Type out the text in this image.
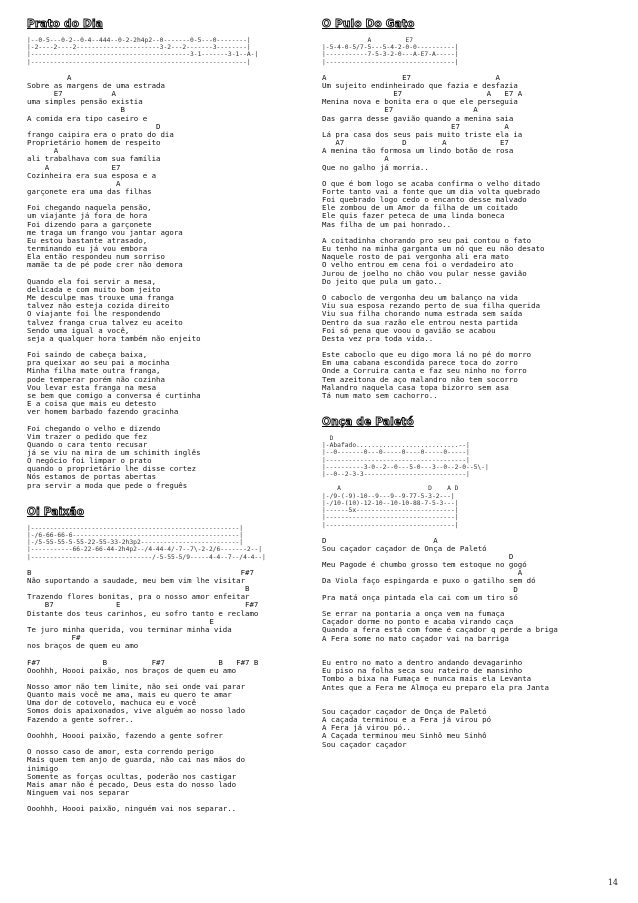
Prato do Dia
|--0-5---0-2--0-4--444--0-2-2h4p2--0-------0-5---0--------|
|-2----2----2----------------------3-2---2-------3--------|
|------------------------------------------3-1-------3-1--A-|
|---------------------------------------------------------|
A
Sobre as margens de uma estrada
E7           A
uma simples pensão existia
B
A comida era tipo caseiro e
D
frango caipira era o prato do dia
Proprietário homem de respeito
A
ali trabalhava com sua família
A              E7
Cozinheira era sua esposa e a
A
garçonete era uma das filhas

Foi chegando naquela pensão,
um viajante já fora de hora
Foi dizendo para a garçonete
me traga um frango vou jantar agora
Eu estou bastante atrasado,
terminando eu já vou embora
Ela então respondeu num sorriso
mamãe ta de pé pode crer não demora

Quando ela foi servir a mesa,
delicada e com muito bom jeito
Me desculpe mas trouxe uma franga
talvez não esteja cozida direito
O viajante foi lhe respondendo
talvez franga crua talvez eu aceito
Sendo uma igual a você,
seja a qualquer hora também não enjeito

Foi saindo de cabeça baixa,
pra queixar ao seu pai a mocinha
Minha filha mate outra franga,
pode temperar porém não cozinha
Vou levar esta franga na mesa
se bem que comigo a conversa é curtinha
E a coisa que mais eu detesto
ver homem barbado fazendo gracinha

Foi chegando o velho e dizendo
Vim trazer o pedido que fez
Quando o cara tento recusar
já se viu na mira de um schimith inglês
O negócio foi limpar o prato
quando o proprietário lhe disse cortez
Nós estamos de portas abertas
pra servir a moda que pede o freguês
Oi Paixão
|-------------------------------------------------------|
|-/6-66-66-6--------------------------------------------|
|-/5-55-55-5-55-22-55-33-2h3p2--------------------------|
|-----------66-22-66-44-2h4p2--/4-44-4/-7--7\-2-2/6-------2--|
|--------------------------------/-5-55-5/9-----4-4--7--/4-4--|
B                                               F#7
Não suportando a saudade, meu bem vim lhe visitar
B
Trazendo flores bonitas, pra o nosso amor enfeitar
B7              E                            F#7
Distante dos teus carinhos, eu sofro tanto e reclamo
E
Te juro minha querida, vou terminar minha vida
F#
nos braços de quem eu amo

F#7              B          F#7            B   F#7 B
Ooohhh, Hoooi paixão, nos braços de quem eu amo

Nosso amor não tem limite, não sei onde vai parar
Quanto mais você me ama, mais eu quero te amar
Uma dor de cotovelo, machuca eu e você
Somos dois apaixonados, vive alguém ao nosso lado
Fazendo a gente sofrer..

Ooohhh, Hoooi paixão, fazendo a gente sofrer

O nosso caso de amor, esta correndo perigo
Mais quem tem anjo de guarda, não cai nas mãos do
inimigo
Somente as forças ocultas, poderão nos castigar
Mais amar não é pecado, Deus esta do nosso lado
Ninguem vai nos separar

Ooohhh, Hoooi paixão, ninguém vai nos separar..
O Pulo Do Gato
A         E7
|-5-4-0-5/7-5---5-4-2-0-0----------|
|-----------7-5-3-2-0---A-E7-A-----|
|----------------------------------|
A                 E7                   A
Um sujeito endinheirado que fazia e desfazia
E7                   A   E7 A
Menina nova e bonita era o que ele perseguia
E7                  A
Das garra desse gavião quando a menina saia
E7          A
Lá pra casa dos seus pais muito triste ela ia
A7             D        A            E7
A menina tão formosa um lindo botão de rosa
A
Que no galho já morria..

O que é bom logo se acaba confirma o velho ditado
Forte tanto vai a fonte que um dia volta quebrado
Foi quebrado logo cedo o encanto desse malvado
Ele zombou de um Amor da filha de um coitado
Ele quis fazer peteca de uma linda boneca
Mas filha de um pai honrado..

A coitadinha chorando pro seu pai contou o fato
Eu tenho na minha garganta um nó que eu não desato
Naquele rosto de pai vergonha ali era mato
O velho entrou em cena foi o verdadeiro ato
Jurou de joelho no chão vou pular nesse gavião
Do jeito que pula um gato..

O caboclo de vergonha deu um balanço na vida
Viu sua esposa rezando perto de sua filha querida
Viu sua filha chorando numa estrada sem saída
Dentro da sua razão ele entrou nesta partida
Foi só pena que voou o gavião se acabou
Desta vez pra toda vida..

Este caboclo que eu digo mora lá no pé do morro
Em uma cabana escondida parece toca do zorro
Onde a Corruira canta e faz seu ninho no forro
Tem azeitona de aço malandro não tem socorro
Malandro naquela casa topa bizorro sem asa
Tá num mato sem cachorro..
Onça de Paletó
D
|-Abafado...........................--|
|--0-------0---0-----0----0-----0-----|
|-------------------------------------|
|----------3-0--2--0---5-0---3--0--2-0--5\-|
|--0--2-3-3---------------------------|

A                       D    A D
|-/9-(-9)-10--9---9--9-77-5-3-2---|
|-/10-(10)-12-10--10-10-88-7-5-3---|
|------5x--------------------------|
|----------------------------------|
|----------------------------------|
D                        A
Sou caçador caçador de Onça de Paletó
D
Meu Pagode é chumbo grosso tem estoque no gogó
A
Da Viola faço espingarda e puxo o gatilho sem dó
D
Pra matá onça pintada ela cai com um tiro só

Se errar na pontaria a onça vem na fumaça
Caçador dorme no ponto e acaba virando caça
Quando a fera está com fome é caçador q perde a briga
A Fera some no mato caçador vai na barriga

Eu entro no mato a dentro andando devagarinho
Eu piso na folha seca sou rateiro de mansinho
Tombo a bixa na Fumaça e nunca mais ela Levanta
Antes que a Fera me Almoça eu preparo ela pra Janta

Sou caçador caçador de Onça de Paletó
A caçada terminou e a Fera já virou pó
A Fera já virou pó..
A Caçada terminou meu Sinhô meu Sinhô
Sou caçador caçador
14
